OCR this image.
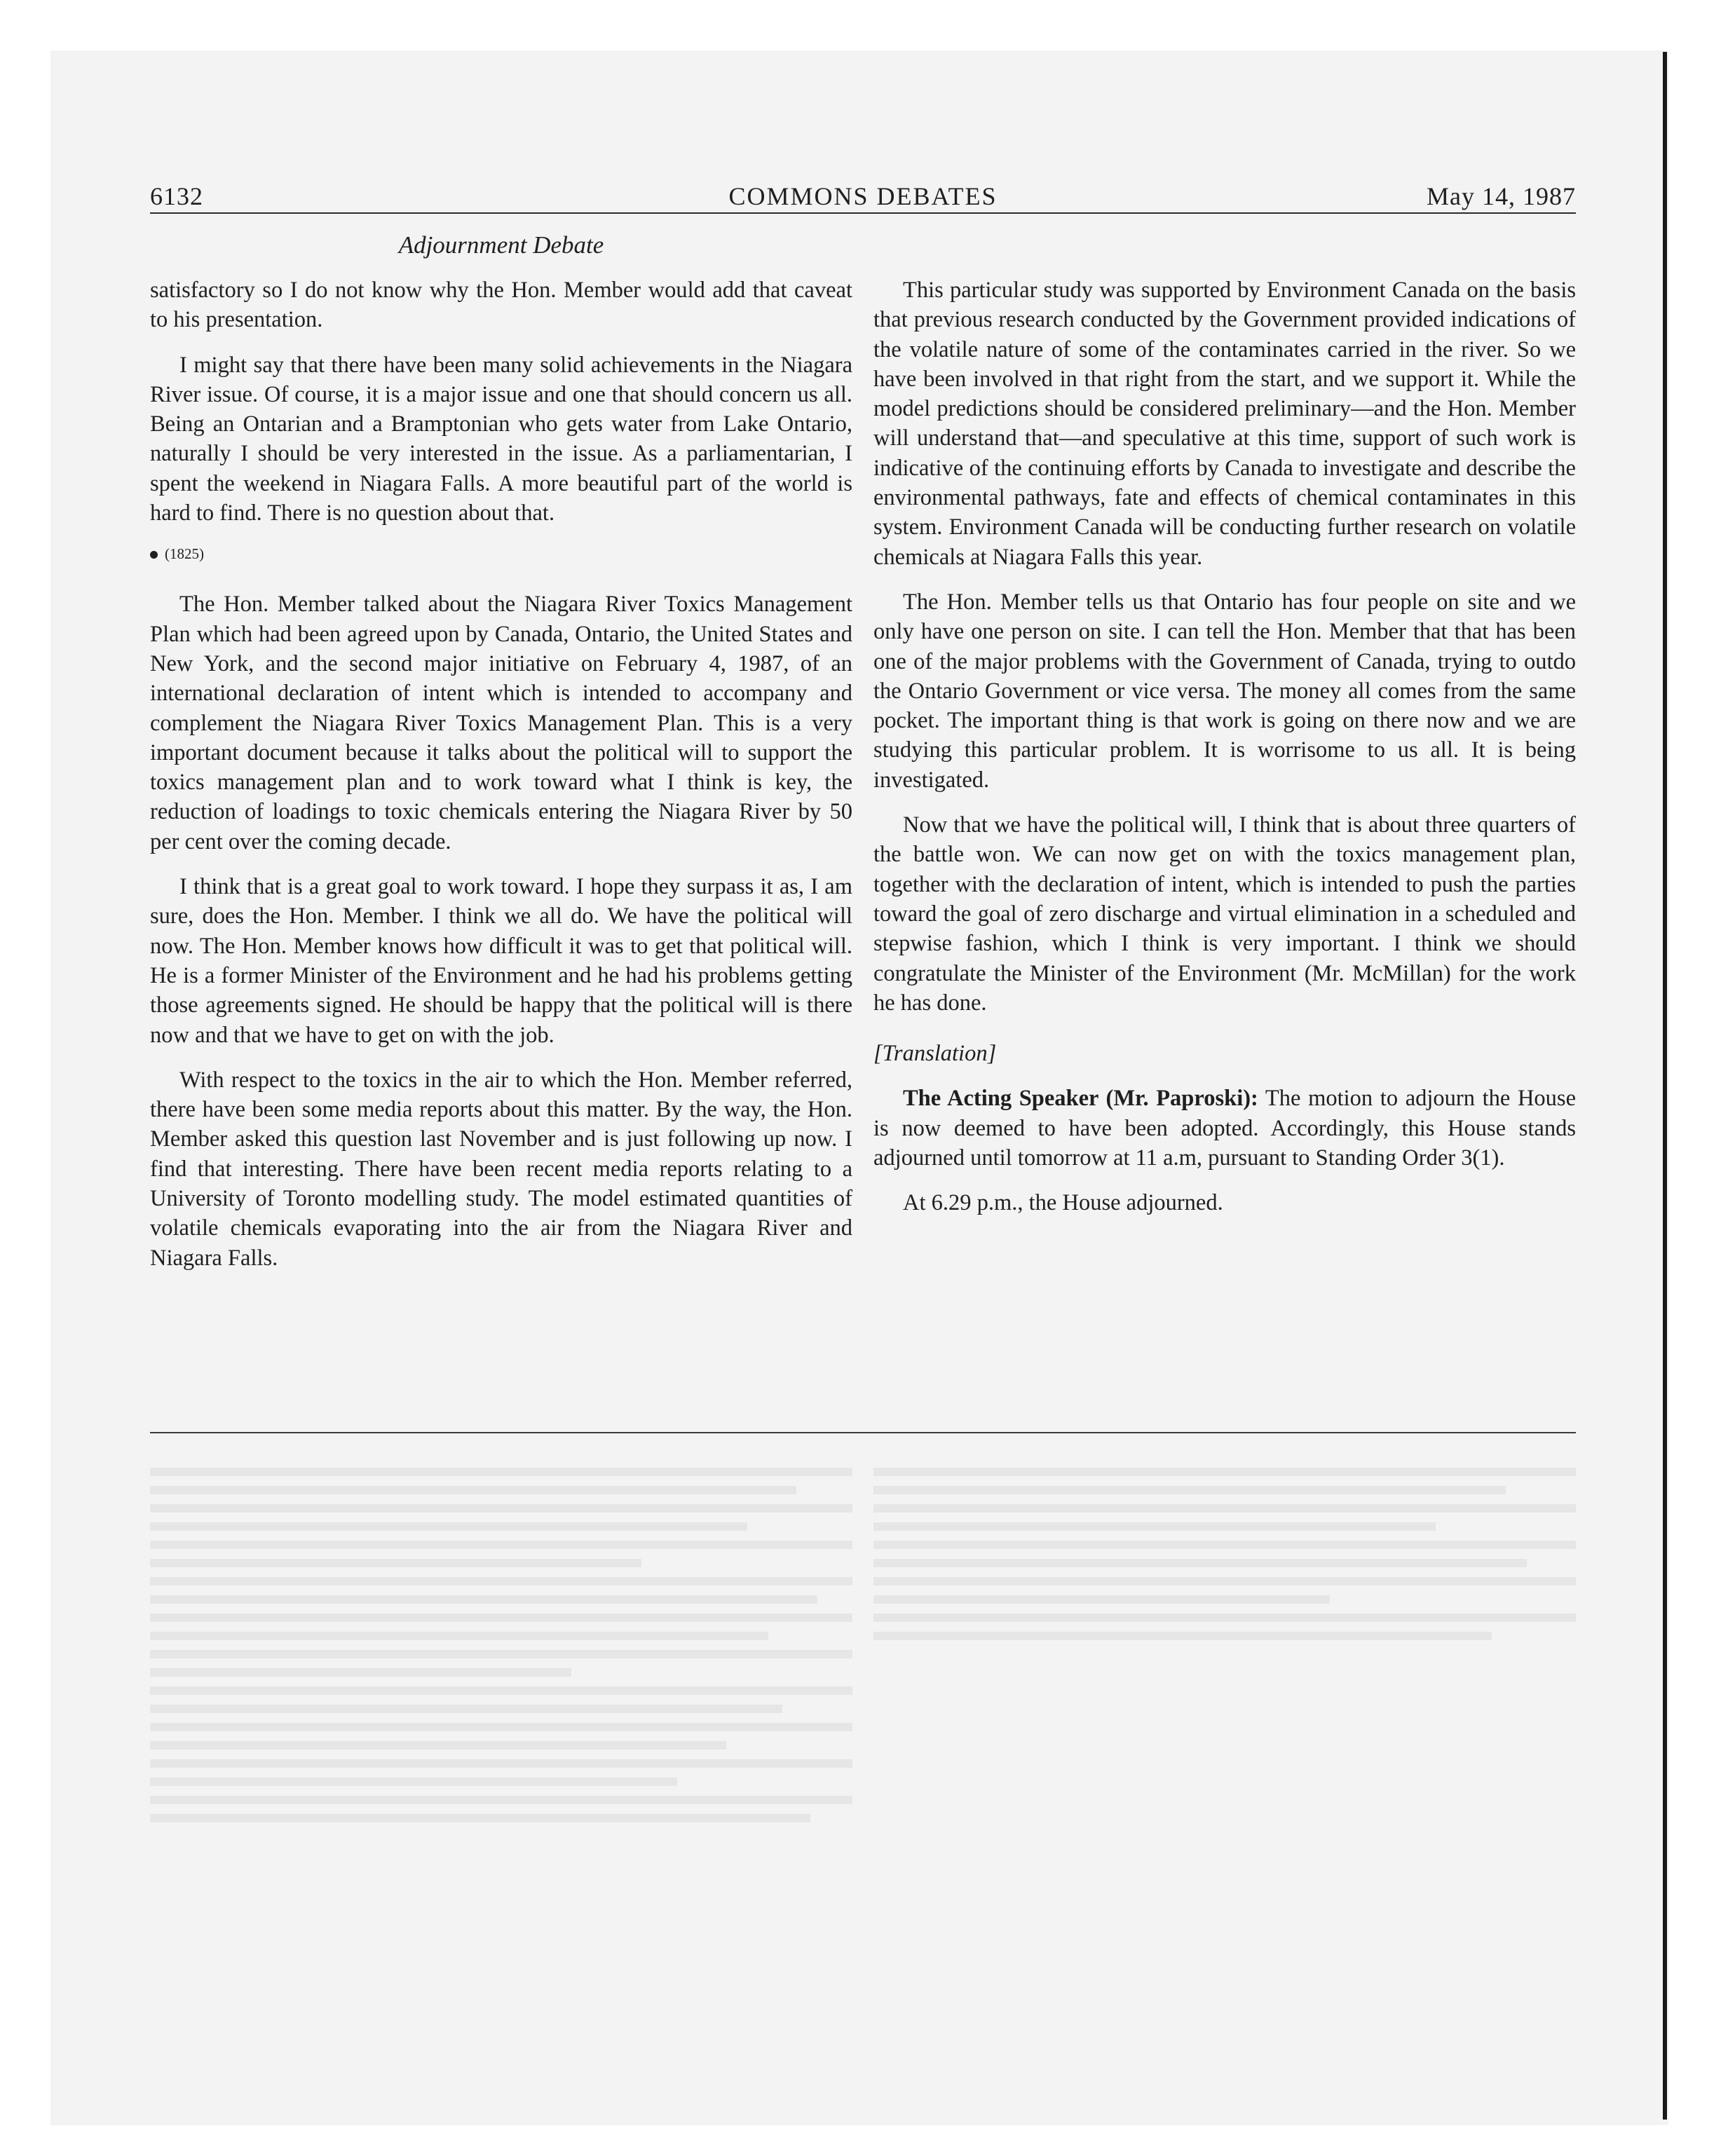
6132	COMMONS DEBATES	May 14, 1987
Adjournment Debate

satisfactory so I do not know why the Hon. Member would add that caveat to his presentation.

I might say that there have been many solid achievements in the Niagara River issue. Of course, it is a major issue and one that should concern us all. Being an Ontarian and a Bramptonian who gets water from Lake Ontario, naturally I should be very interested in the issue. As a parliamentarian, I spent the weekend in Niagara Falls. A more beautiful part of the world is hard to find. There is no question about that.

(1825)

The Hon. Member talked about the Niagara River Toxics Management Plan which had been agreed upon by Canada, Ontario, the United States and New York, and the second major initiative on February 4, 1987, of an international declaration of intent which is intended to accompany and complement the Niagara River Toxics Management Plan. This is a very important document because it talks about the political will to support the toxics management plan and to work toward what I think is key, the reduction of loadings to toxic chemicals entering the Niagara River by 50 per cent over the coming decade.

I think that is a great goal to work toward. I hope they surpass it as, I am sure, does the Hon. Member. I think we all do. We have the political will now. The Hon. Member knows how difficult it was to get that political will. He is a former Minister of the Environment and he had his problems getting those agreements signed. He should be happy that the political will is there now and that we have to get on with the job.

With respect to the toxics in the air to which the Hon. Member referred, there have been some media reports about this matter. By the way, the Hon. Member asked this question last November and is just following up now. I find that interesting. There have been recent media reports relating to a University of Toronto modelling study. The model estimated quantities of volatile chemicals evaporating into the air from the Niagara River and Niagara Falls.

This particular study was supported by Environment Canada on the basis that previous research conducted by the Government provided indications of the volatile nature of some of the contaminates carried in the river. So we have been involved in that right from the start, and we support it. While the model predictions should be considered preliminary—and the Hon. Member will understand that—and speculative at this time, support of such work is indicative of the continuing efforts by Canada to investigate and describe the environmental pathways, fate and effects of chemical contaminates in this system. Environment Canada will be conducting further research on volatile chemicals at Niagara Falls this year.

The Hon. Member tells us that Ontario has four people on site and we only have one person on site. I can tell the Hon. Member that that has been one of the major problems with the Government of Canada, trying to outdo the Ontario Government or vice versa. The money all comes from the same pocket. The important thing is that work is going on there now and we are studying this particular problem. It is worrisome to us all. It is being investigated.

Now that we have the political will, I think that is about three quarters of the battle won. We can now get on with the toxics management plan, together with the declaration of intent, which is intended to push the parties toward the goal of zero discharge and virtual elimination in a scheduled and stepwise fashion, which I think is very important. I think we should congratulate the Minister of the Environment (Mr. McMillan) for the work he has done.

[Translation]

The Acting Speaker (Mr. Paproski): The motion to adjourn the House is now deemed to have been adopted. Accordingly, this House stands adjourned until tomorrow at 11 a.m, pursuant to Standing Order 3(1).

At 6.29 p.m., the House adjourned.
